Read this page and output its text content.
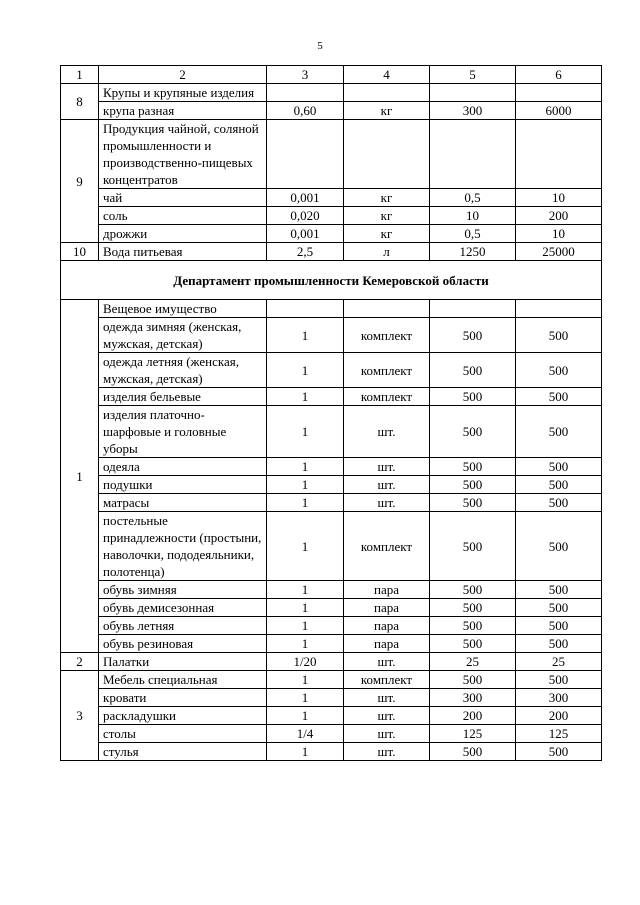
5
1	2	3	4	5	6
8	Крупы и крупяные изделия				
	крупа разная	0,60	кг	300	6000
9	Продукция чайной, соляной промышленности и производственно-пищевых концентратов				
	чай	0,001	кг	0,5	10
	соль	0,020	кг	10	200
	дрожжи	0,001	кг	0,5	10
10	Вода питьевая	2,5	л	1250	25000
Департамент промышленности Кемеровской области					
1	Вещевое имущество				
	одежда зимняя (женская, мужская, детская)	1	комплект	500	500
	одежда летняя (женская, мужская, детская)	1	комплект	500	500
	изделия бельевые	1	комплект	500	500
	изделия платочно-шарфовые и головные уборы	1	шт.	500	500
	одеяла	1	шт.	500	500
	подушки	1	шт.	500	500
	матрасы	1	шт.	500	500
	постельные принадлежности (простыни, наволочки, пододеяльники, полотенца)	1	комплект	500	500
	обувь зимняя	1	пара	500	500
	обувь демисезонная	1	пара	500	500
	обувь летняя	1	пара	500	500
	обувь резиновая	1	пара	500	500
2	Палатки	1/20	шт.	25	25
3	Мебель специальная	1	комплект	500	500
	кровати	1	шт.	300	300
	раскладушки	1	шт.	200	200
	столы	1/4	шт.	125	125
	стулья	1	шт.	500	500
